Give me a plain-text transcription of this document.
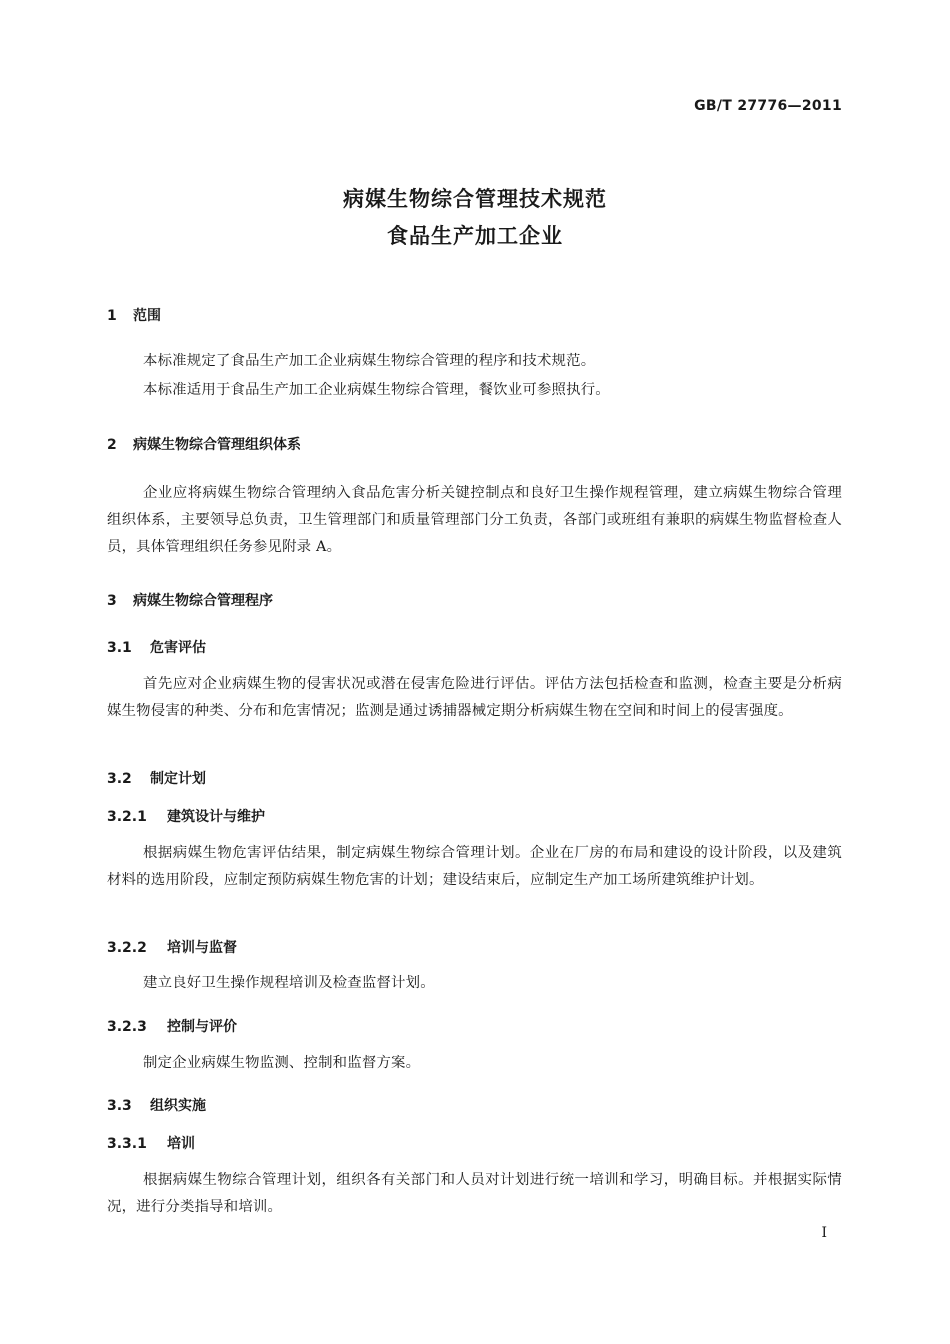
GB/T 27776—2011
病媒生物综合管理技术规范
食品生产加工企业
1 范围
本标准规定了食品生产加工企业病媒生物综合管理的程序和技术规范。
本标准适用于食品生产加工企业病媒生物综合管理，餐饮业可参照执行。
2 病媒生物综合管理组织体系
企业应将病媒生物综合管理纳入食品危害分析关键控制点和良好卫生操作规程管理，建立病媒生物综合管理组织体系，主要领导总负责，卫生管理部门和质量管理部门分工负责，各部门或班组有兼职的病媒生物监督检查人员，具体管理组织任务参见附录 A。
3 病媒生物综合管理程序
3.1 危害评估
首先应对企业病媒生物的侵害状况或潜在侵害危险进行评估。评估方法包括检查和监测，检查主要是分析病媒生物侵害的种类、分布和危害情况；监测是通过诱捕器械定期分析病媒生物在空间和时间上的侵害强度。
3.2 制定计划
3.2.1 建筑设计与维护
根据病媒生物危害评估结果，制定病媒生物综合管理计划。企业在厂房的布局和建设的设计阶段，以及建筑材料的选用阶段，应制定预防病媒生物危害的计划；建设结束后，应制定生产加工场所建筑维护计划。
3.2.2 培训与监督
建立良好卫生操作规程培训及检查监督计划。
3.2.3 控制与评价
制定企业病媒生物监测、控制和监督方案。
3.3 组织实施
3.3.1 培训
根据病媒生物综合管理计划，组织各有关部门和人员对计划进行统一培训和学习，明确目标。并根据实际情况，进行分类指导和培训。
I
